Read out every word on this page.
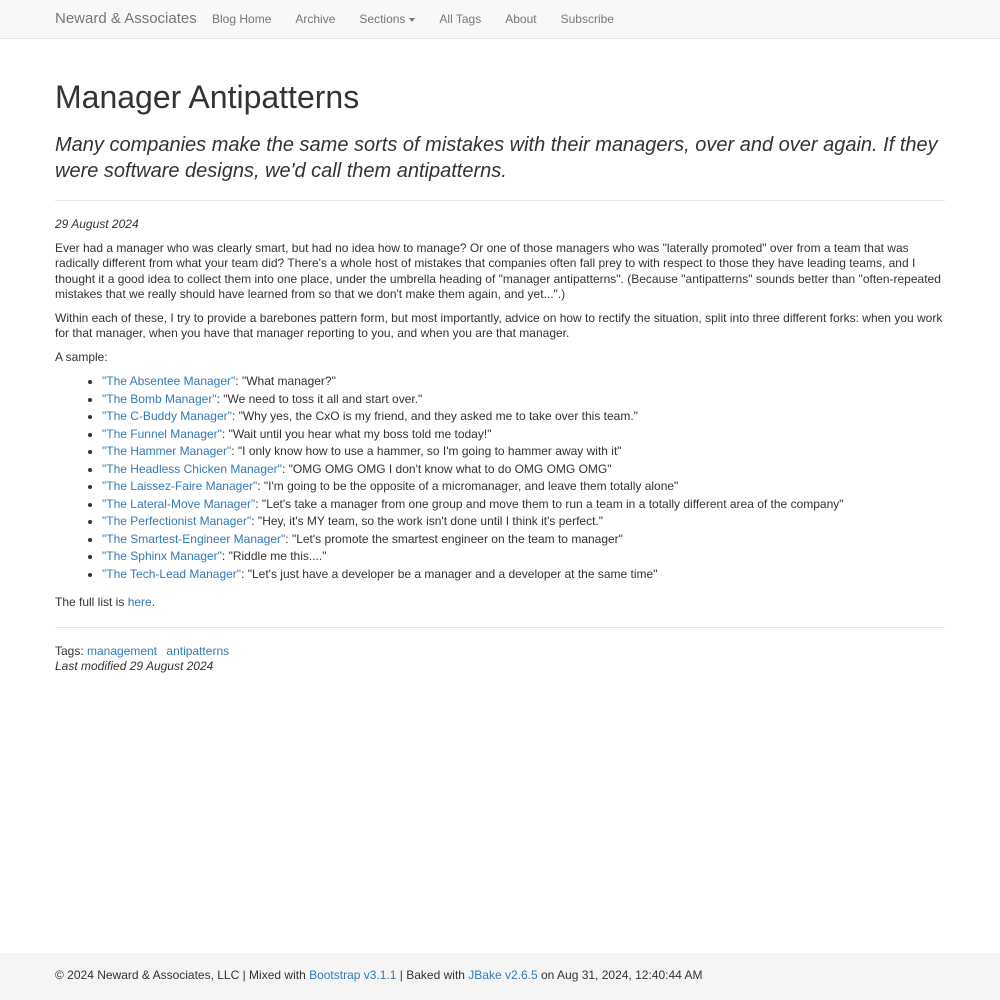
Neward & Associates	Blog Home	Archive	Sections	All Tags	About	Subscribe
Manager Antipatterns
Many companies make the same sorts of mistakes with their managers, over and over again. If they were software designs, we'd call them antipatterns.
29 August 2024

Ever had a manager who was clearly smart, but had no idea how to manage? Or one of those managers who was "laterally promoted" over from a team that was radically different from what your team did? There's a whole host of mistakes that companies often fall prey to with respect to those they have leading teams, and I thought it a good idea to collect them into one place, under the umbrella heading of "manager antipatterns". (Because "antipatterns" sounds better than "often-repeated mistakes that we really should have learned from so that we don't make them again, and yet...".)

Within each of these, I try to provide a barebones pattern form, but most importantly, advice on how to rectify the situation, split into three different forks: when you work for that manager, when you have that manager reporting to you, and when you are that manager.

A sample:

• "The Absentee Manager": "What manager?"
• "The Bomb Manager": "We need to toss it all and start over."
• "The C-Buddy Manager": "Why yes, the CxO is my friend, and they asked me to take over this team."
• "The Funnel Manager": "Wait until you hear what my boss told me today!"
• "The Hammer Manager": "I only know how to use a hammer, so I'm going to hammer away with it"
• "The Headless Chicken Manager": "OMG OMG OMG I don't know what to do OMG OMG OMG"
• "The Laissez-Faire Manager": "I'm going to be the opposite of a micromanager, and leave them totally alone"
• "The Lateral-Move Manager": "Let's take a manager from one group and move them to run a team in a totally different area of the company"
• "The Perfectionist Manager": "Hey, it's MY team, so the work isn't done until I think it's perfect."
• "The Smartest-Engineer Manager": "Let's promote the smartest engineer on the team to manager"
• "The Sphinx Manager": "Riddle me this...."
• "The Tech-Lead Manager": "Let's just have a developer be a manager and a developer at the same time"

The full list is here.

Tags: management antipatterns
Last modified 29 August 2024
© 2024 Neward & Associates, LLC | Mixed with Bootstrap v3.1.1 | Baked with JBake v2.6.5 on Aug 31, 2024, 12:40:44 AM
